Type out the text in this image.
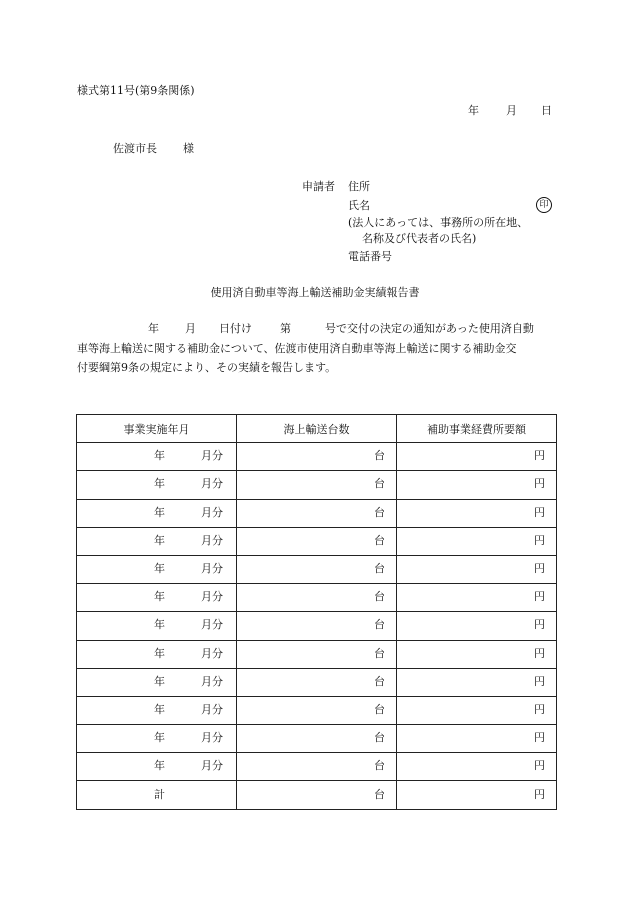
様式第11号(第9条関係)
年 月 日
佐渡市長 様
申請者 住所
氏名	印
(法人にあっては、事務所の所在地、
名称及び代表者の氏名)
電話番号
使用済自動車等海上輸送補助金実績報告書
年 月 日付け	第	号で交付の決定の通知があった使用済自動
車等海上輸送に関する補助金について、佐渡市使用済自動車等海上輸送に関する補助金交
付要綱第9条の規定により、その実績を報告します。
事業実施年月	海上輸送台数	補助事業経費所要額

年 月分	台	円

年 月分	台	円

年 月分	台	円

年 月分	台	円

年 月分	台	円

年 月分	台	円

年 月分	台	円

年 月分	台	円

年 月分	台	円

年 月分	台	円

年 月分	台	円

年 月分	台	円

計	台	円
